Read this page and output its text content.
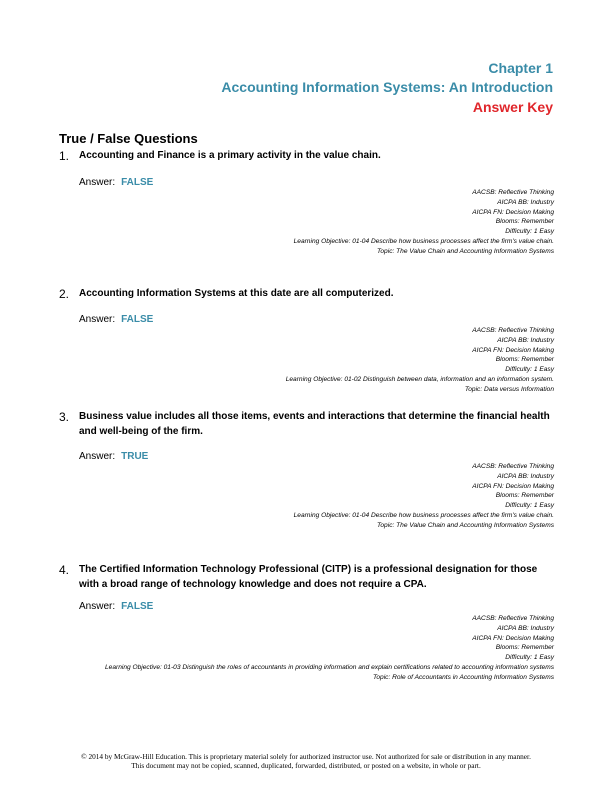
Chapter 1
Accounting Information Systems: An Introduction
Answer Key
True / False Questions
1. Accounting and Finance is a primary activity in the value chain.
Answer: FALSE
AACSB: Reflective Thinking
AICPA BB: Industry
AICPA FN: Decision Making
Blooms: Remember
Difficulty: 1 Easy
Learning Objective: 01-04 Describe how business processes affect the firm's value chain.
Topic: The Value Chain and Accounting Information Systems
2. Accounting Information Systems at this date are all computerized.
Answer: FALSE
AACSB: Reflective Thinking
AICPA BB: Industry
AICPA FN: Decision Making
Blooms: Remember
Difficulty: 1 Easy
Learning Objective: 01-02 Distinguish between data, information and an information system.
Topic: Data versus Information
3. Business value includes all those items, events and interactions that determine the financial health and well-being of the firm.
Answer: TRUE
AACSB: Reflective Thinking
AICPA BB: Industry
AICPA FN: Decision Making
Blooms: Remember
Difficulty: 1 Easy
Learning Objective: 01-04 Describe how business processes affect the firm's value chain.
Topic: The Value Chain and Accounting Information Systems
4. The Certified Information Technology Professional (CITP) is a professional designation for those with a broad range of technology knowledge and does not require a CPA.
Answer: FALSE
AACSB: Reflective Thinking
AICPA BB: Industry
AICPA FN: Decision Making
Blooms: Remember
Difficulty: 1 Easy
Learning Objective: 01-03 Distinguish the roles of accountants in providing information and explain certifications related to accounting information systems
Topic: Role of Accountants in Accounting Information Systems
© 2014 by McGraw-Hill Education. This is proprietary material solely for authorized instructor use. Not authorized for sale or distribution in any manner.
This document may not be copied, scanned, duplicated, forwarded, distributed, or posted on a website, in whole or part.
